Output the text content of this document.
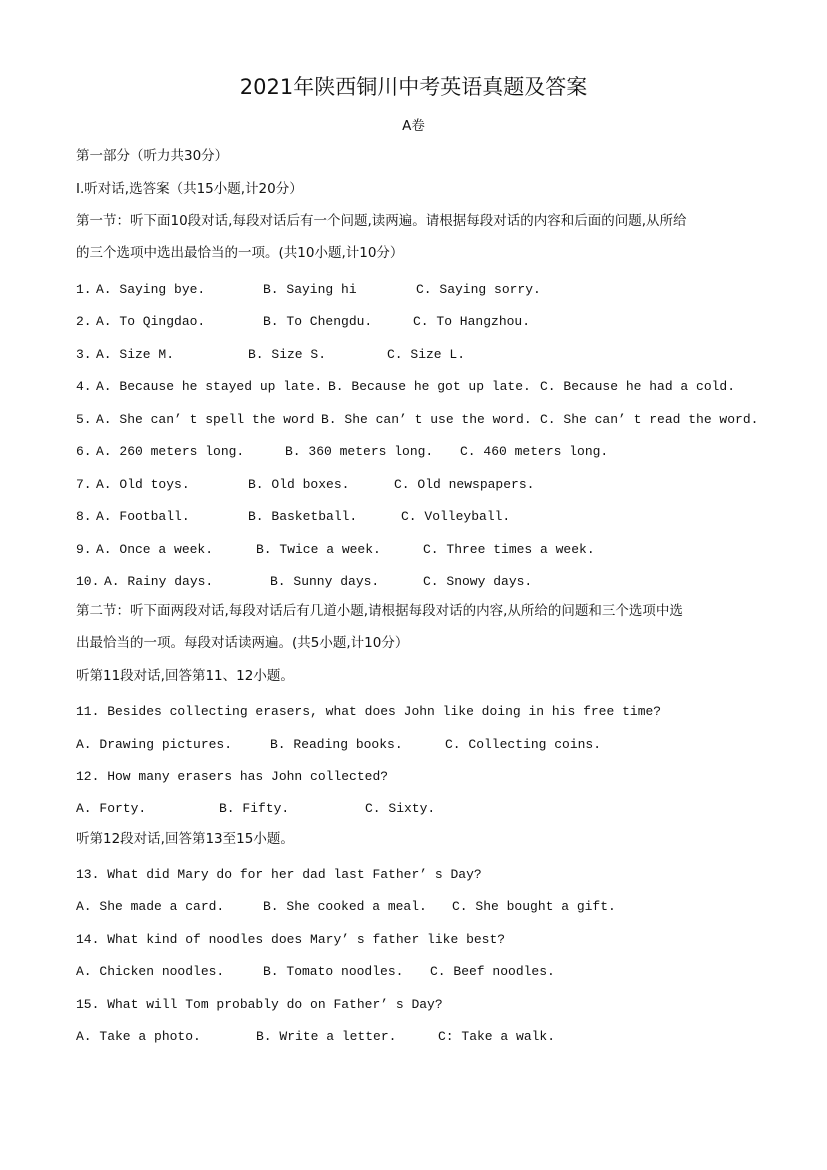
2021年陕西铜川中考英语真题及答案
A卷
第一部分（听力共30分）
Ⅰ.听对话,选答案（共15小题,计20分）
第一节：听下面10段对话,每段对话后有一个问题,读两遍。请根据每段对话的内容和后面的问题,从所给
的三个选项中选出最恰当的一项。(共10小题,计10分）
1. A. Saying bye.	B. Saying hi	C. Saying sorry.
2. A. To Qingdao.	B. To Chengdu.	C. To Hangzhou.
3. A. Size M.	B. Size S.	C. Size L.
4. A. Because he stayed up late. B. Because he got up late. C. Because he had a cold.
5. A. She can’ t spell the word B. She can’ t use the word. C. She can’ t read the word.
6. A. 260 meters long.	B. 360 meters long. C. 460 meters long.
7. A. Old toys.	B. Old boxes.	C. Old newspapers.
8. A. Football.	B. Basketball.	C. Volleyball.
9. A. Once a week.	B. Twice a week.	C. Three times a week.
10. A. Rainy days.	B. Sunny days.	C. Snowy days.
第二节：听下面两段对话,每段对话后有几道小题,请根据每段对话的内容,从所给的问题和三个选项中选
出最恰当的一项。每段对话读两遍。(共5小题,计10分）
听第11段对话,回答第11、12小题。
11. Besides collecting erasers, what does John like doing in his free time?
A. Drawing pictures.	B. Reading books.	C. Collecting coins.
12. How many erasers has John collected?
A. Forty.	B. Fifty.	C. Sixty.
听第12段对话,回答第13至15小题。
13. What did Mary do for her dad last Father’ s Day?
A. She made a card.	B. She cooked a meal. C. She bought a gift.
14. What kind of noodles does Mary’ s father like best?
A. Chicken noodles.	B. Tomato noodles. C. Beef noodles.
15. What will Tom probably do on Father’ s Day?
A. Take a photo.	B. Write a letter.	C: Take a walk.
